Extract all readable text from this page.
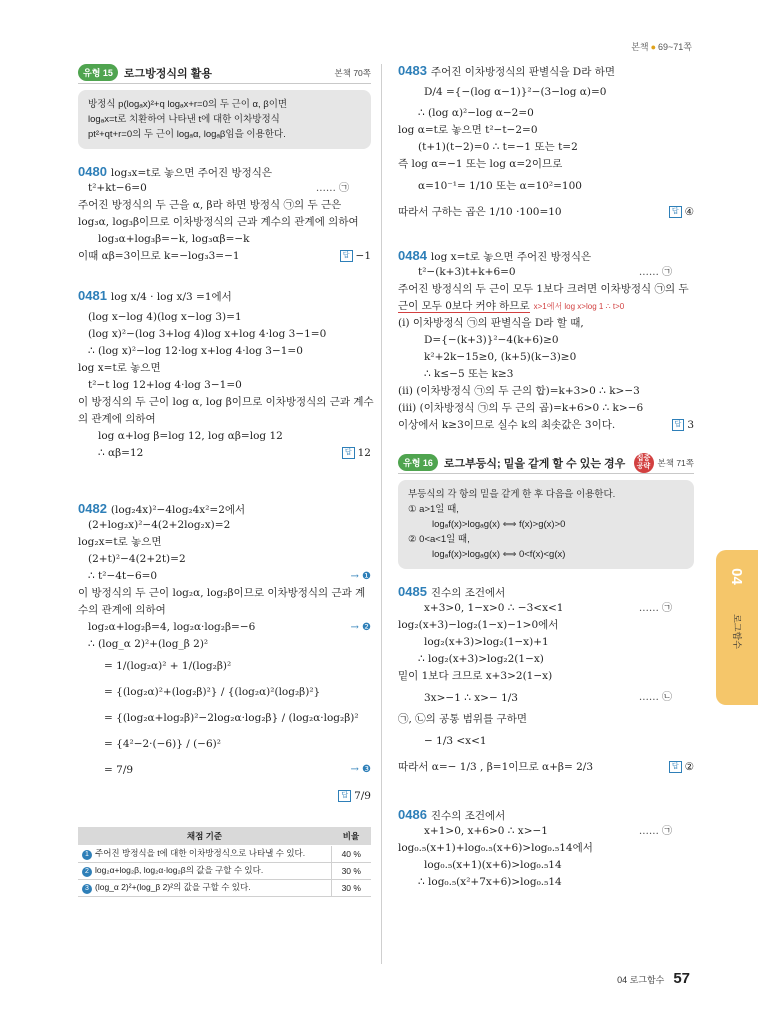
본책 ● 69~71쪽
유형 15	로그방정식의 활용	본책 70쪽
방정식 p(logₐx)²+q logₐx+r=0의 두 근이 α, β이면
logₐx=t로 치환하여 나타낸 t에 대한 이차방정식
pt²+qt+r=0의 두 근이 logₐα, logₐβ임을 이용한다.
0480 log₃x=t로 놓으면 주어진 방정식은
t²+kt−6=0	…… ㉠
주어진 방정식의 두 근을 α, β라 하면 방정식 ㉠의 두 근은
log₃α, log₃β이므로 이차방정식의 근과 계수의 관계에 의하여
log₃α+log₃β=−k, log₃αβ=−k
이때 αβ=3이므로 k=−log₃3=−1	답 −1
0481 log x/4 · log x/3 =1에서
(log x−log 4)(log x−log 3)=1
(log x)²−(log 3+log 4)log x+log 4·log 3−1=0
∴ (log x)²−log 12·log x+log 4·log 3−1=0
log x=t로 놓으면
t²−t log 12+log 4·log 3−1=0
이 방정식의 두 근이 log α, log β이므로 이차방정식의 근과 계수
의 관계에 의하여
log α+log β=log 12, log αβ=log 12
∴ αβ=12	답 12
0482 (log₂4x)²−4log₂4x²=2에서
(2+log₂x)²−4(2+2log₂x)=2
log₂x=t로 놓으면
(2+t)²−4(2+2t)=2
∴ t²−4t−6=0	→ ❶
이 방정식의 두 근이 log₂α, log₂β이므로 이차방정식의 근과 계
수의 관계에 의하여
log₂α+log₂β=4, log₂α·log₂β=−6	→ ❷
∴ (log_α 2)²+(log_β 2)²
= 1/(log₂α)² + 1/(log₂β)²
= {(log₂α)²+(log₂β)²} / {(log₂α)²(log₂β)²}
= {(log₂α+log₂β)²−2log₂α·log₂β} / (log₂α·log₂β)²
= {4²−2·(−6)} / (−6)²
= 7/9	→ ❸
답 7/9
채점 기준	비율
1 주어진 방정식을 t에 대한 이차방정식으로 나타낼 수 있다.	40 %
2 log₂α+log₂β, log₂α·log₂β의 값을 구할 수 있다.	30 %
3 (log_α 2)²+(log_β 2)²의 값을 구할 수 있다.	30 %
0483 주어진 이차방정식의 판별식을 D라 하면
D/4 ={−(log α−1)}²−(3−log α)=0
∴ (log α)²−log α−2=0
log α=t로 놓으면 t²−t−2=0
(t+1)(t−2)=0 ∴ t=−1 또는 t=2
즉 log α=−1 또는 log α=2이므로
α=10⁻¹= 1/10 또는 α=10²=100
따라서 구하는 곱은 1/10 ·100=10	답 ④
0484 log x=t로 놓으면 주어진 방정식은
t²−(k+3)t+k+6=0	…… ㉠
주어진 방정식의 두 근이 모두 1보다 크려면 이차방정식 ㉠의 두
근이 모두 0보다 커야 하므로 x>1에서 log x>log 1 ∴ t>0
(i) 이차방정식 ㉠의 판별식을 D라 할 때,
D={−(k+3)}²−4(k+6)≥0
k²+2k−15≥0, (k+5)(k−3)≥0
∴ k≤−5 또는 k≥3
(ii) (이차방정식 ㉠의 두 근의 합)=k+3>0 ∴ k>−3
(iii) (이차방정식 ㉠의 두 근의 곱)=k+6>0 ∴ k>−6
이상에서 k≥3이므로 실수 k의 최솟값은 3이다.	답 3
유형 16	로그부등식; 밑을 같게 할 수 있는 경우	집중 공략 본책 71쪽
부등식의 각 항의 밑을 같게 한 후 다음을 이용한다.
① a>1일 때,
logₐf(x)>logₐg(x) ⟺ f(x)>g(x)>0
② 0<a<1일 때,
logₐf(x)>logₐg(x) ⟺ 0<f(x)<g(x)
0485 진수의 조건에서
x+3>0, 1−x>0 ∴ −3<x<1	…… ㉠
log₂(x+3)−log₂(1−x)−1>0에서
log₂(x+3)>log₂(1−x)+1
∴ log₂(x+3)>log₂2(1−x)
밑이 1보다 크므로 x+3>2(1−x)
3x>−1 ∴ x>− 1/3	…… ㉡
㉠, ㉡의 공통 범위를 구하면
− 1/3 <x<1
따라서 α=− 1/3 , β=1이므로 α+β= 2/3	답 ②
0486 진수의 조건에서
x+1>0, x+6>0 ∴ x>−1	…… ㉠
log₀.₅(x+1)+log₀.₅(x+6)>log₀.₅14에서
log₀.₅(x+1)(x+6)>log₀.₅14
∴ log₀.₅(x²+7x+6)>log₀.₅14
04
로그함수
04 로그함수 57
